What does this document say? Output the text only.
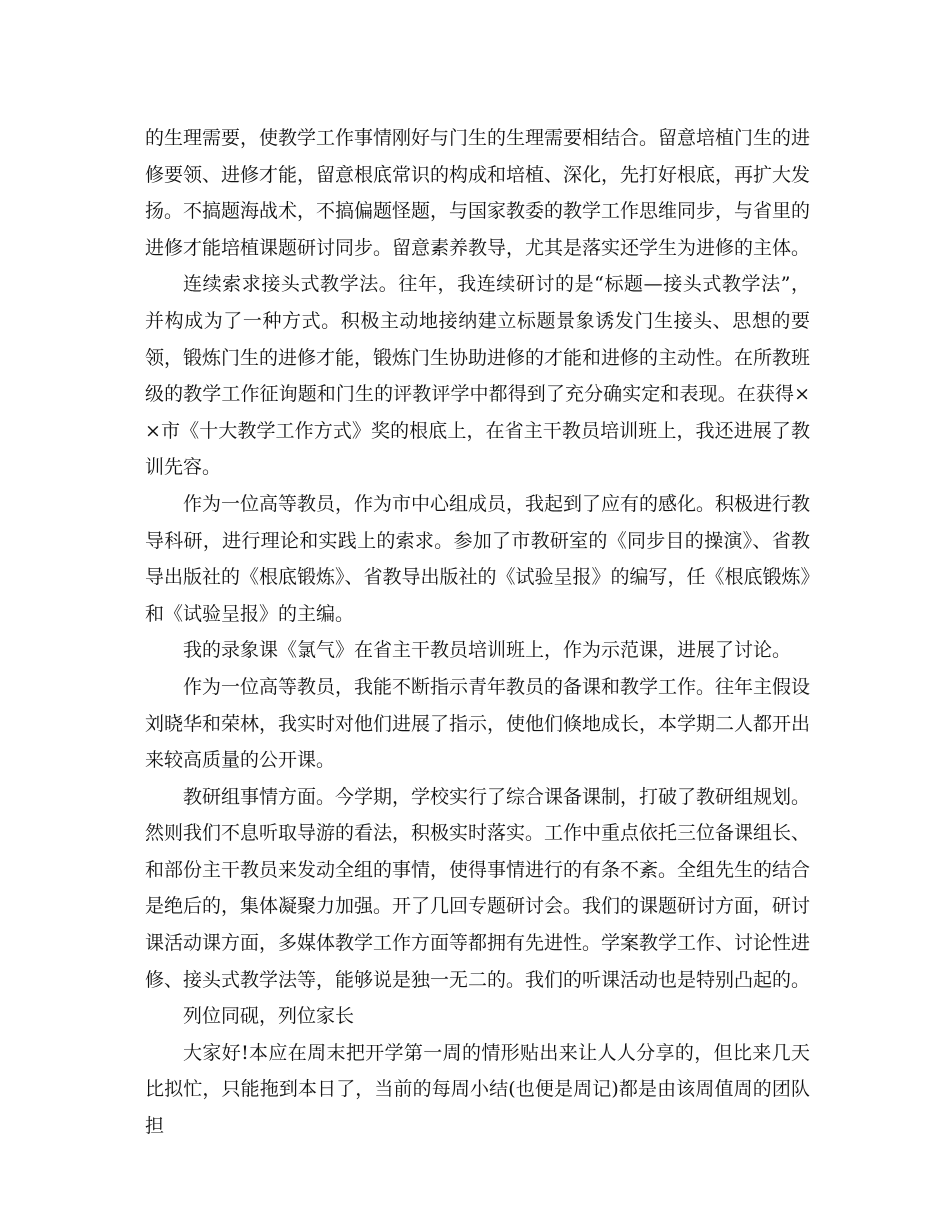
的生理需要，使教学工作事情刚好与门生的生理需要相结合。留意培植门生的进修要领、进修才能，留意根底常识的构成和培植、深化，先打好根底，再扩大发扬。不搞题海战术，不搞偏题怪题，与国家教委的教学工作思维同步，与省里的进修才能培植课题研讨同步。留意素养教导，尤其是落实还学生为进修的主体。

连续索求接头式教学法。往年，我连续研讨的是“标题—接头式教学法”，并构成为了一种方式。积极主动地接纳建立标题景象诱发门生接头、思想的要领，锻炼门生的进修才能，锻炼门生协助进修的才能和进修的主动性。在所教班级的教学工作征询题和门生的评教评学中都得到了充分确实定和表现。在获得××市《十大教学工作方式》奖的根底上，在省主干教员培训班上，我还进展了教训先容。

作为一位高等教员，作为市中心组成员，我起到了应有的感化。积极进行教导科研，进行理论和实践上的索求。参加了市教研室的《同步目的操演》、省教导出版社的《根底锻炼》、省教导出版社的《试验呈报》的编写，任《根底锻炼》和《试验呈报》的主编。

我的录象课《氯气》在省主干教员培训班上，作为示范课，进展了讨论。

作为一位高等教员，我能不断指示青年教员的备课和教学工作。往年主假设刘晓华和荣林，我实时对他们进展了指示，使他们倏地成长，本学期二人都开出来较高质量的公开课。

教研组事情方面。今学期，学校实行了综合课备课制，打破了教研组规划。然则我们不息听取导游的看法，积极实时落实。工作中重点依托三位备课组长、和部份主干教员来发动全组的事情，使得事情进行的有条不紊。全组先生的结合是绝后的，集体凝聚力加强。开了几回专题研讨会。我们的课题研讨方面，研讨课活动课方面，多媒体教学工作方面等都拥有先进性。学案教学工作、讨论性进修、接头式教学法等，能够说是独一无二的。我们的听课活动也是特别凸起的。

列位同砚，列位家长

大家好!本应在周末把开学第一周的情形贴出来让人人分享的，但比来几天比拟忙，只能拖到本日了，当前的每周小结(也便是周记)都是由该周值周的团队担
